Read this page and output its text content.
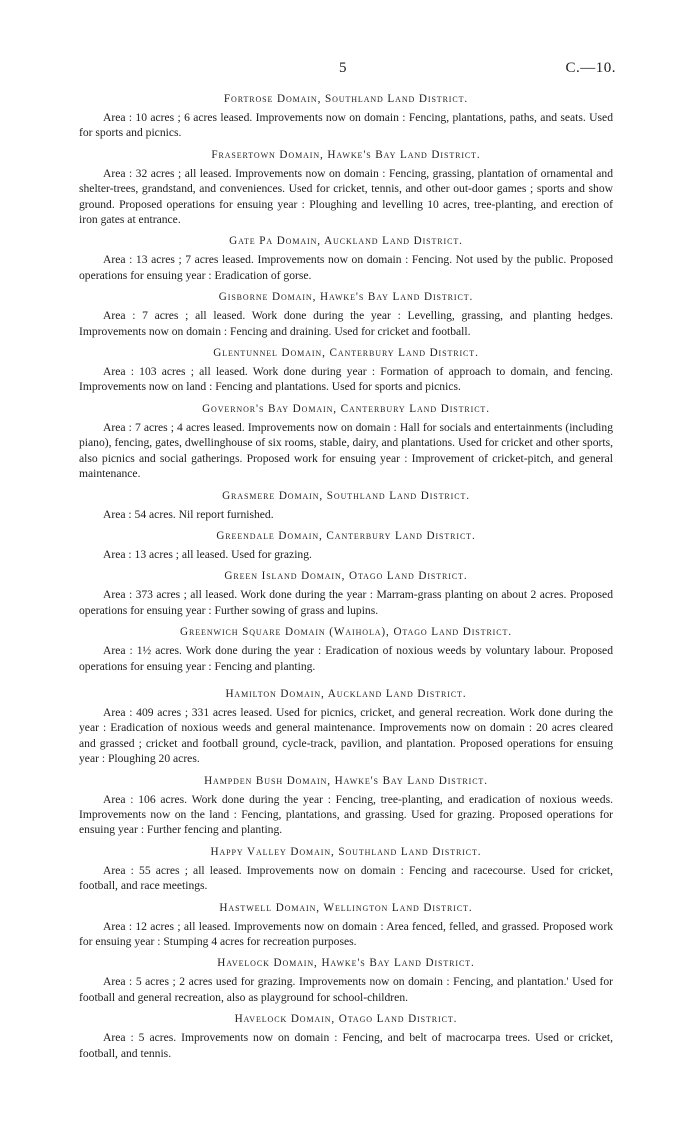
5	C.—10.

Fortrose Domain, Southland Land District.

Area : 10 acres ; 6 acres leased. Improvements now on domain : Fencing, plantations, paths, and seats. Used for sports and picnics.

Frasertown Domain, Hawke's Bay Land District.

Area : 32 acres ; all leased. Improvements now on domain : Fencing, grassing, plantation of ornamental and shelter-trees, grandstand, and conveniences. Used for cricket, tennis, and other out-door games ; sports and show ground. Proposed operations for ensuing year : Ploughing and levelling 10 acres, tree-planting, and erection of iron gates at entrance.

Gate Pa Domain, Auckland Land District.

Area : 13 acres ; 7 acres leased. Improvements now on domain : Fencing. Not used by the public. Proposed operations for ensuing year : Eradication of gorse.

Gisborne Domain, Hawke's Bay Land District.

Area : 7 acres ; all leased. Work done during the year : Levelling, grassing, and planting hedges. Improvements now on domain : Fencing and draining. Used for cricket and football.

Glentunnel Domain, Canterbury Land District.

Area : 103 acres ; all leased. Work done during year : Formation of approach to domain, and fencing. Improvements now on land : Fencing and plantations. Used for sports and picnics.

Governor's Bay Domain, Canterbury Land District.

Area : 7 acres ; 4 acres leased. Improvements now on domain : Hall for socials and entertainments (including piano), fencing, gates, dwellinghouse of six rooms, stable, dairy, and plantations. Used for cricket and other sports, also picnics and social gatherings. Proposed work for ensuing year : Improvement of cricket-pitch, and general maintenance.

Grasmere Domain, Southland Land District.

Area : 54 acres. Nil report furnished.

Greendale Domain, Canterbury Land District.

Area : 13 acres ; all leased. Used for grazing.

Green Island Domain, Otago Land District.

Area : 373 acres ; all leased. Work done during the year : Marram-grass planting on about 2 acres. Proposed operations for ensuing year : Further sowing of grass and lupins.

Greenwich Square Domain (Waihola), Otago Land District.

Area : 1½ acres. Work done during the year : Eradication of noxious weeds by voluntary labour. Proposed operations for ensuing year : Fencing and planting.

Hamilton Domain, Auckland Land District.

Area : 409 acres ; 331 acres leased. Used for picnics, cricket, and general recreation. Work done during the year : Eradication of noxious weeds and general maintenance. Improvements now on domain : 20 acres cleared and grassed ; cricket and football ground, cycle-track, pavilion, and plantation. Proposed operations for ensuing year : Ploughing 20 acres.

Hampden Bush Domain, Hawke's Bay Land District.

Area : 106 acres. Work done during the year : Fencing, tree-planting, and eradication of noxious weeds. Improvements now on the land : Fencing, plantations, and grassing. Used for grazing. Proposed operations for ensuing year : Further fencing and planting.

Happy Valley Domain, Southland Land District.

Area : 55 acres ; all leased. Improvements now on domain : Fencing and racecourse. Used for cricket, football, and race meetings.

Hastwell Domain, Wellington Land District.

Area : 12 acres ; all leased. Improvements now on domain : Area fenced, felled, and grassed. Proposed work for ensuing year : Stumping 4 acres for recreation purposes.

Havelock Domain, Hawke's Bay Land District.

Area : 5 acres ; 2 acres used for grazing. Improvements now on domain : Fencing, and plantation.' Used for football and general recreation, also as playground for school-children.

Havelock Domain, Otago Land District.

Area : 5 acres. Improvements now on domain : Fencing, and belt of macrocarpa trees. Used or cricket, football, and tennis.
